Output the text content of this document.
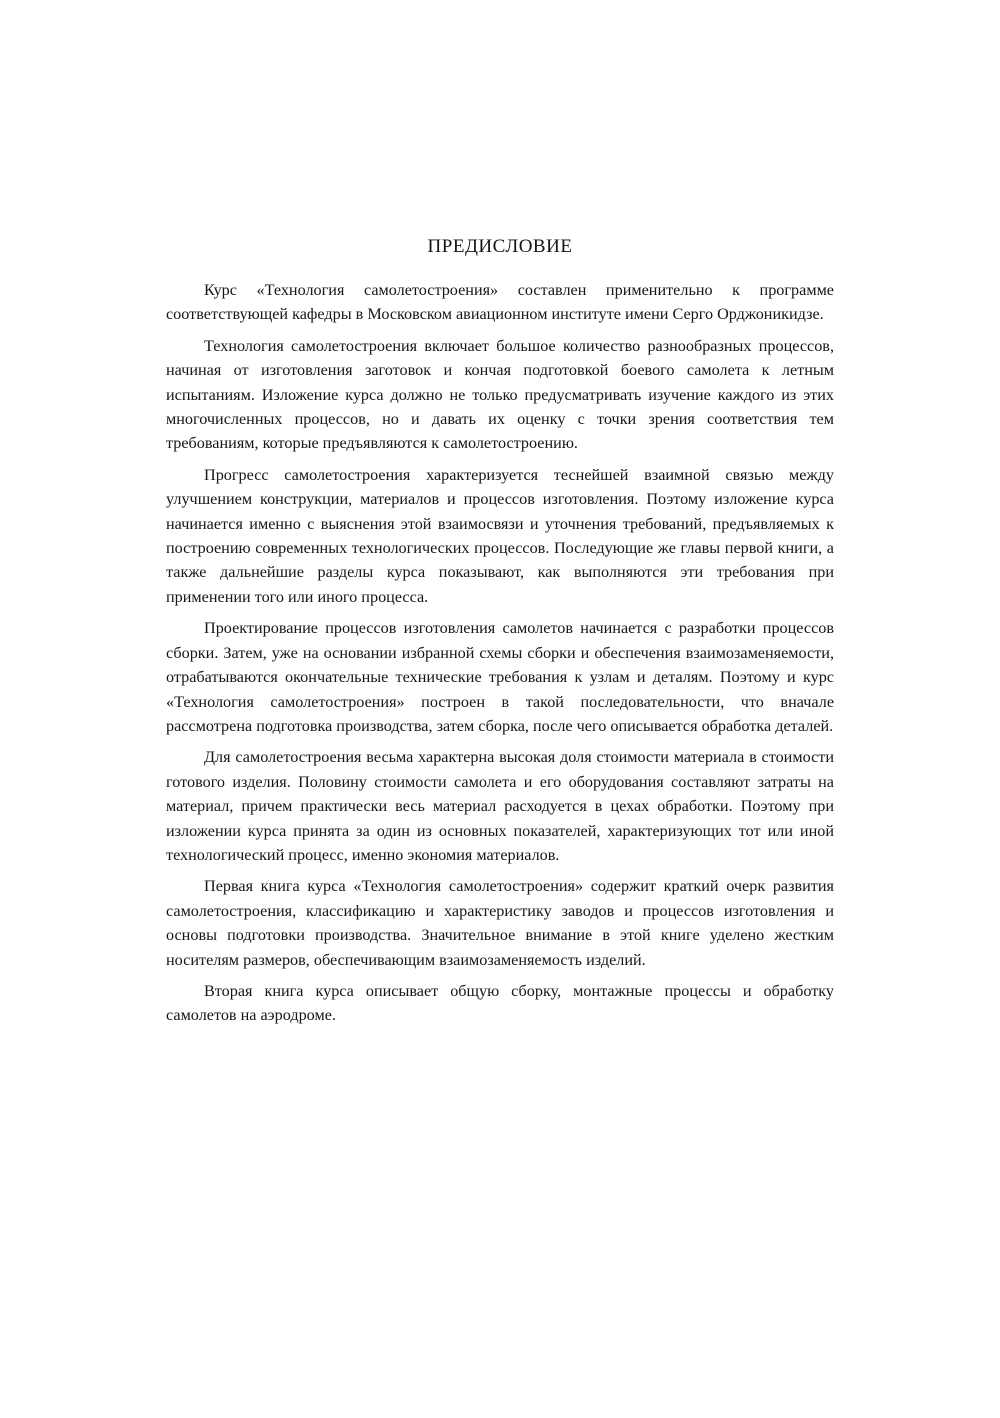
ПРЕДИСЛОВИЕ

Курс «Технология самолетостроения» составлен применительно к программе соответствующей кафедры в Московском авиационном институте имени Серго Орджоникидзе.

Технология самолетостроения включает большое количество разнообразных процессов, начиная от изготовления заготовок и кончая подготовкой боевого самолета к летным испытаниям. Изложение курса должно не только предусматривать изучение каждого из этих многочисленных процессов, но и давать их оценку с точки зрения соответствия тем требованиям, которые предъявляются к самолетостроению.

Прогресс самолетостроения характеризуется теснейшей взаимной связью между улучшением конструкции, материалов и процессов изготовления. Поэтому изложение курса начинается именно с выяснения этой взаимосвязи и уточнения требований, предъявляемых к построению современных технологических процессов. Последующие же главы первой книги, а также дальнейшие разделы курса показывают, как выполняются эти требования при применении того или иного процесса.

Проектирование процессов изготовления самолетов начинается с разработки процессов сборки. Затем, уже на основании избранной схемы сборки и обеспечения взаимозаменяемости, отрабатываются окончательные технические требования к узлам и деталям. Поэтому и курс «Технология самолетостроения» построен в такой последовательности, что вначале рассмотрена подготовка производства, затем сборка, после чего описывается обработка деталей.

Для самолетостроения весьма характерна высокая доля стоимости материала в стоимости готового изделия. Половину стоимости самолета и его оборудования составляют затраты на материал, причем практически весь материал расходуется в цехах обработки. Поэтому при изложении курса принята за один из основных показателей, характеризующих тот или иной технологический процесс, именно экономия материалов.

Первая книга курса «Технология самолетостроения» содержит краткий очерк развития самолетостроения, классификацию и характеристику заводов и процессов изготовления и основы подготовки производства. Значительное внимание в этой книге уделено жестким носителям размеров, обеспечивающим взаимозаменяемость изделий.

Вторая книга курса описывает общую сборку, монтажные процессы и обработку самолетов на аэродроме.
